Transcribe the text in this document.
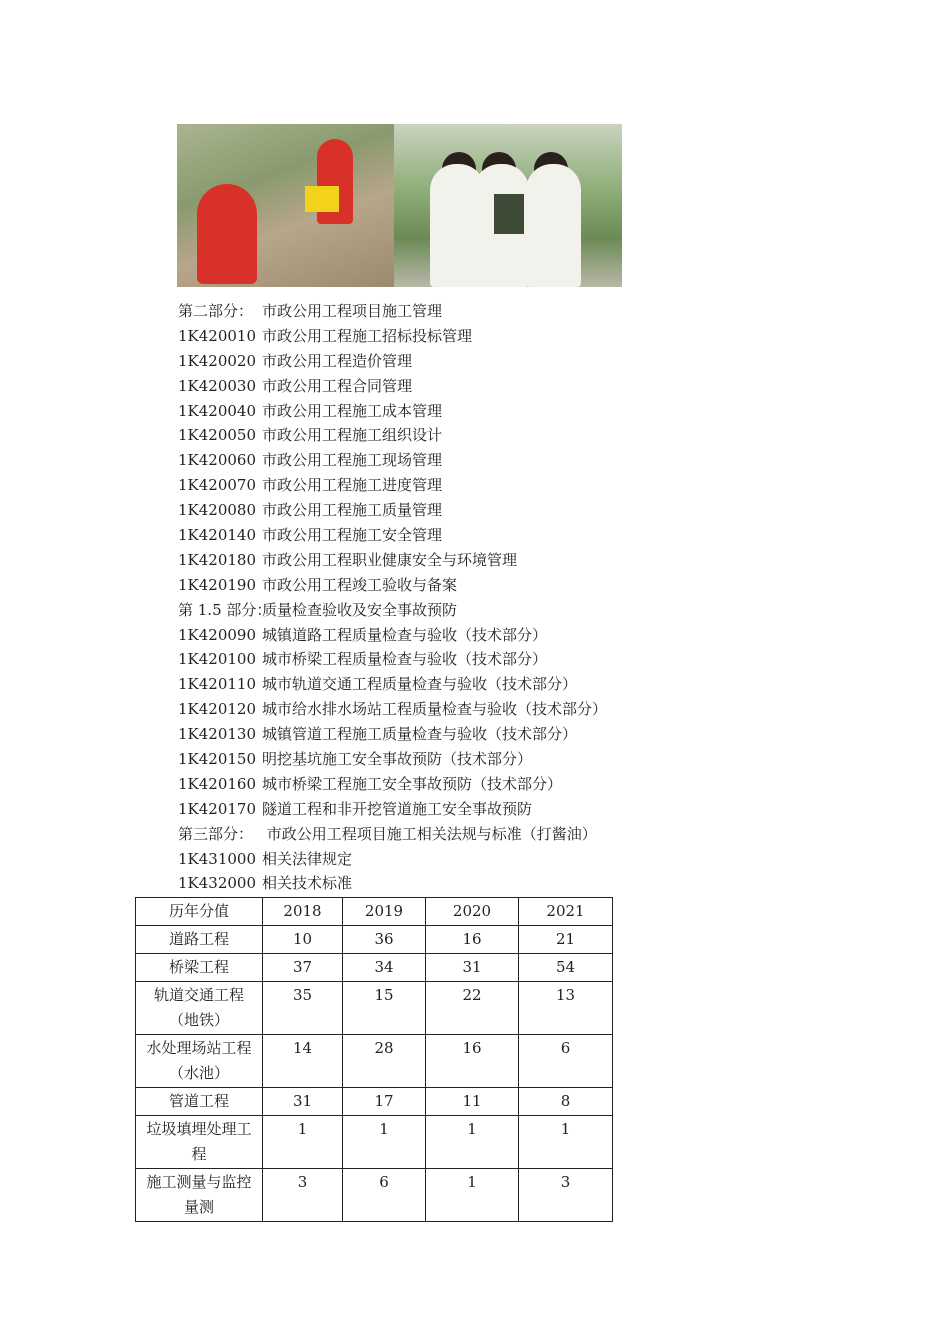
第二部分： 市政公用工程项目施工管理
1K420010 市政公用工程施工招标投标管理
1K420020 市政公用工程造价管理
1K420030 市政公用工程合同管理
1K420040 市政公用工程施工成本管理
1K420050 市政公用工程施工组织设计
1K420060 市政公用工程施工现场管理
1K420070 市政公用工程施工进度管理
1K420080 市政公用工程施工质量管理
1K420140 市政公用工程施工安全管理
1K420180 市政公用工程职业健康安全与环境管理
1K420190 市政公用工程竣工验收与备案
第 1.5 部分：质量检查验收及安全事故预防
1K420090 城镇道路工程质量检查与验收（技术部分）
1K420100 城市桥梁工程质量检查与验收（技术部分）
1K420110 城市轨道交通工程质量检查与验收（技术部分）
1K420120 城市给水排水场站工程质量检查与验收（技术部分）
1K420130 城镇管道工程施工质量检查与验收（技术部分）
1K420150 明挖基坑施工安全事故预防（技术部分）
1K420160 城市桥梁工程施工安全事故预防（技术部分）
1K420170 隧道工程和非开挖管道施工安全事故预防
第三部分： 市政公用工程项目施工相关法规与标准（打酱油）
1K431000 相关法律规定
1K432000 相关技术标准
历年分值	2018	2019	2020	2021
道路工程	10	36	16	21
桥梁工程	37	34	31	54
轨道交通工程（地铁）	35	15	22	13
水处理场站工程（水池）	14	28	16	6
管道工程	31	17	11	8
垃圾填埋处理工程	1	1	1	1
施工测量与监控量测	3	6	1	3
